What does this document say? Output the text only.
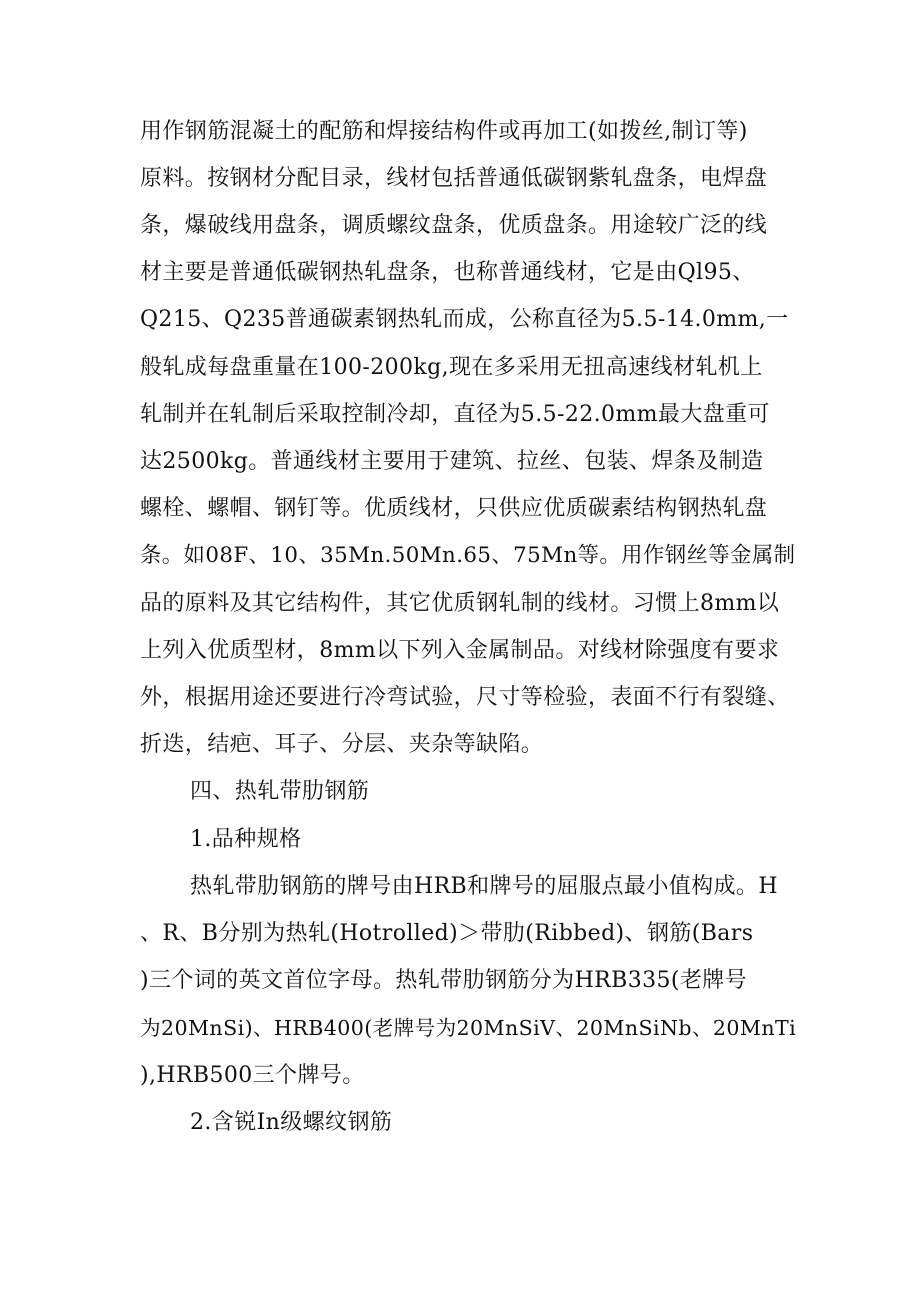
用作钢筋混凝土的配筋和焊接结构件或再加工(如拨丝,制订等)
原料。按钢材分配目录，线材包括普通低碳钢紫轧盘条，电焊盘
条，爆破线用盘条，调质螺纹盘条，优质盘条。用途较广泛的线
材主要是普通低碳钢热轧盘条，也称普通线材，它是由Ql95、
Q215、Q235普通碳素钢热轧而成，公称直径为5.5-14.0mm,一
般轧成每盘重量在100-200kg,现在多采用无扭高速线材轧机上
轧制并在轧制后采取控制冷却，直径为5.5-22.0mm最大盘重可
达2500kg。普通线材主要用于建筑、拉丝、包装、焊条及制造
螺栓、螺帽、钢钉等。优质线材，只供应优质碳素结构钢热轧盘
条。如08F、10、35Mn.50Mn.65、75Mn等。用作钢丝等金属制
品的原料及其它结构件，其它优质钢轧制的线材。习惯上8mm以
上列入优质型材，8mm以下列入金属制品。对线材除强度有要求
外，根据用途还要进行冷弯试验，尺寸等检验，表面不行有裂缝、
折迭，结疤、耳子、分层、夹杂等缺陷。
四、热轧带肋钢筋
1.品种规格
热轧带肋钢筋的牌号由HRB和牌号的屈服点最小值构成。H
、R、B分别为热轧(Hotrolled)＞带肋(Ribbed)、钢筋(Bars
)三个词的英文首位字母。热轧带肋钢筋分为HRB335(老牌号
为20MnSi)、HRB400(老牌号为20MnSiV、20MnSiNb、20MnTi
),HRB500三个牌号。
2.含锐In级螺纹钢筋
